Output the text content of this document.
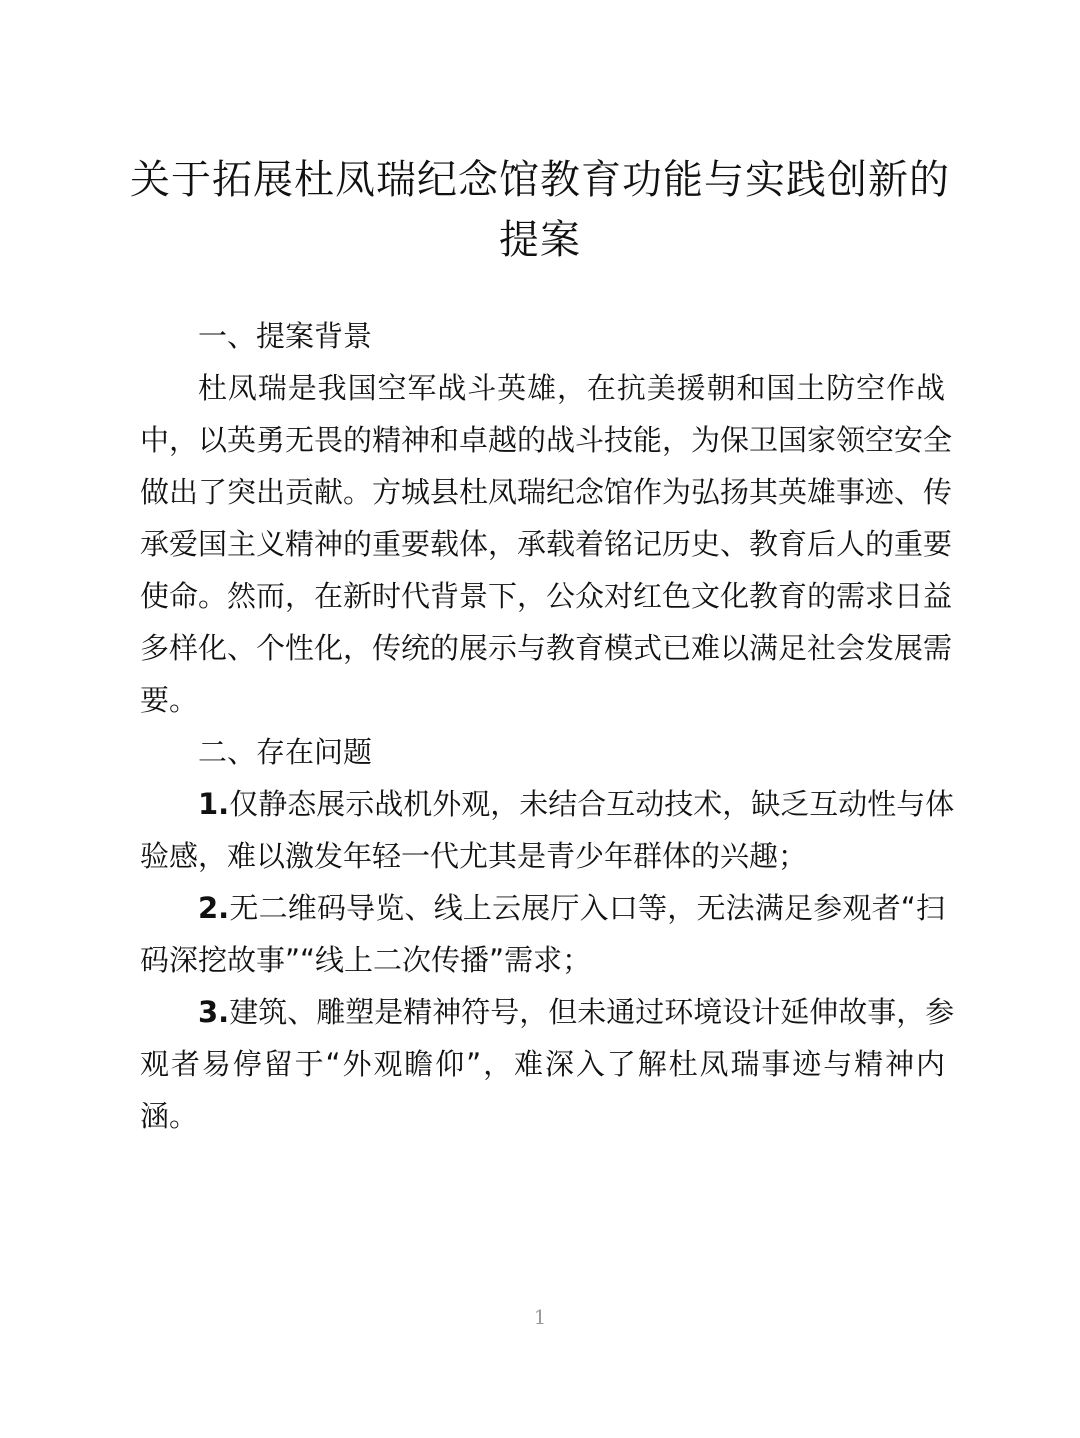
关于拓展杜凤瑞纪念馆教育功能与实践创新的
提案
一、提案背景
杜凤瑞是我国空军战斗英雄，在抗美援朝和国土防空作战
中，以英勇无畏的精神和卓越的战斗技能，为保卫国家领空安全
做出了突出贡献。方城县杜凤瑞纪念馆作为弘扬其英雄事迹、传
承爱国主义精神的重要载体，承载着铭记历史、教育后人的重要
使命。然而，在新时代背景下，公众对红色文化教育的需求日益
多样化、个性化，传统的展示与教育模式已难以满足社会发展需
要。
二、存在问题
1.仅静态展示战机外观，未结合互动技术，缺乏互动性与体
验感，难以激发年轻一代尤其是青少年群体的兴趣；
2.无二维码导览、线上云展厅入口等，无法满足参观者“扫
码深挖故事”“线上二次传播”需求；
3.建筑、雕塑是精神符号，但未通过环境设计延伸故事，参
观者易停留于“外观瞻仰”，难深入了解杜凤瑞事迹与精神内
涵。
1
